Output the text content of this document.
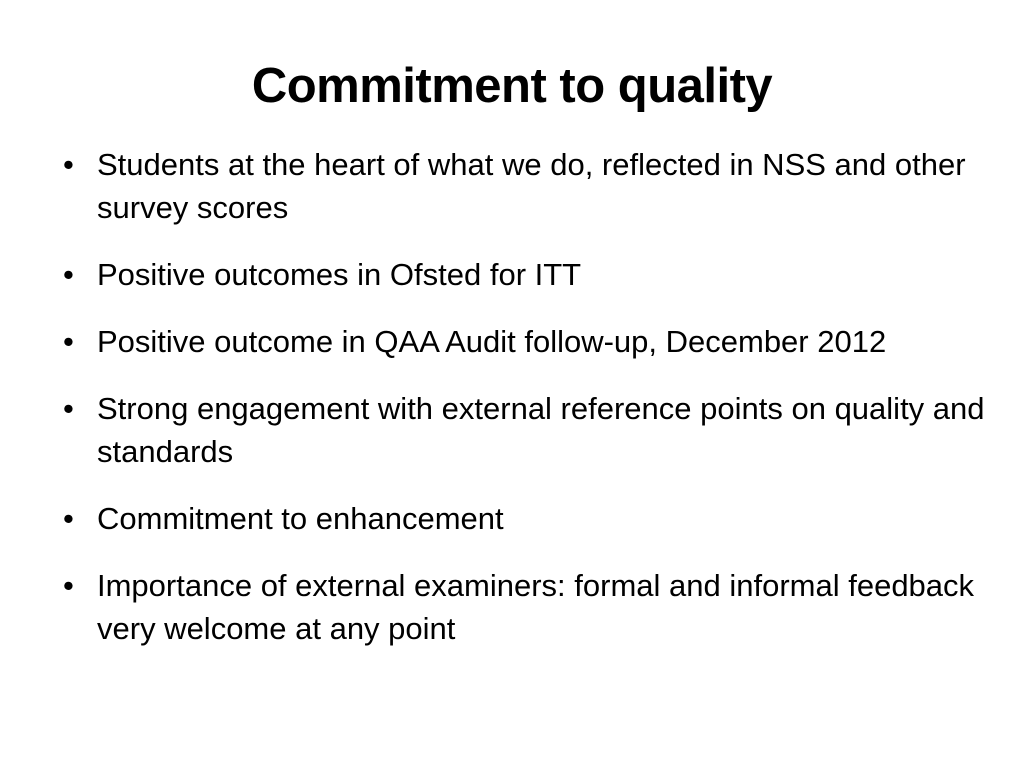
Commitment to quality
• Students at the heart of what we do, reflected in NSS and other survey scores
• Positive outcomes in Ofsted for ITT
• Positive outcome in QAA Audit follow-up, December 2012
• Strong engagement with external reference points on quality and standards
• Commitment to enhancement
• Importance of external examiners: formal and informal feedback very welcome at any point
